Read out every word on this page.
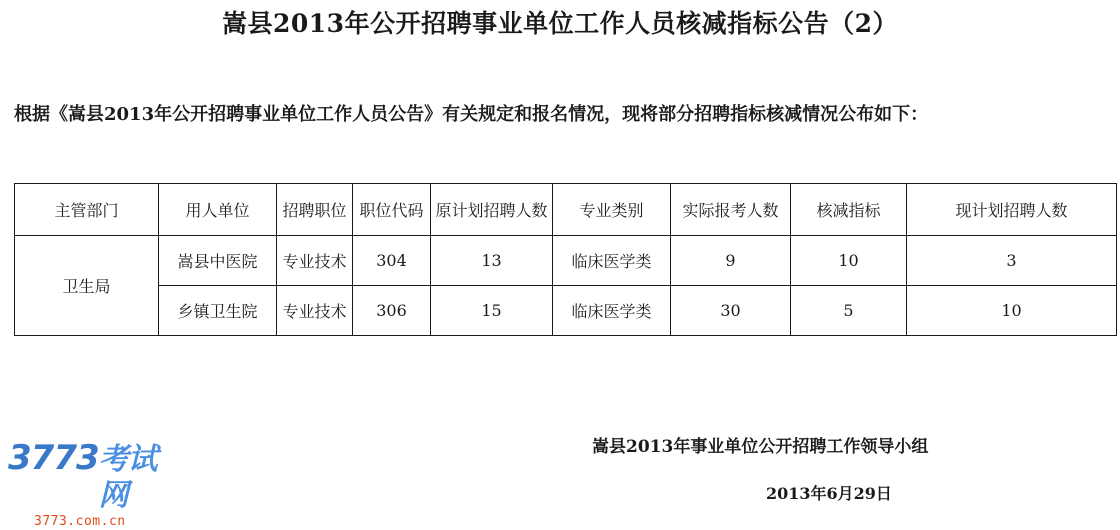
嵩县2013年公开招聘事业单位工作人员核减指标公告（2）
根据《嵩县2013年公开招聘事业单位工作人员公告》有关规定和报名情况，现将部分招聘指标核减情况公布如下：
主管部门	用人单位	招聘职位	职位代码	原计划招聘人数	专业类别	实际报考人数	核减指标	现计划招聘人数
卫生局	嵩县中医院	专业技术	304	13	临床医学类	9	10	3
	乡镇卫生院	专业技术	306	15	临床医学类	30	5	10
嵩县2013年事业单位公开招聘工作领导小组
2013年6月29日
3773 考试网
3773.com.cn
